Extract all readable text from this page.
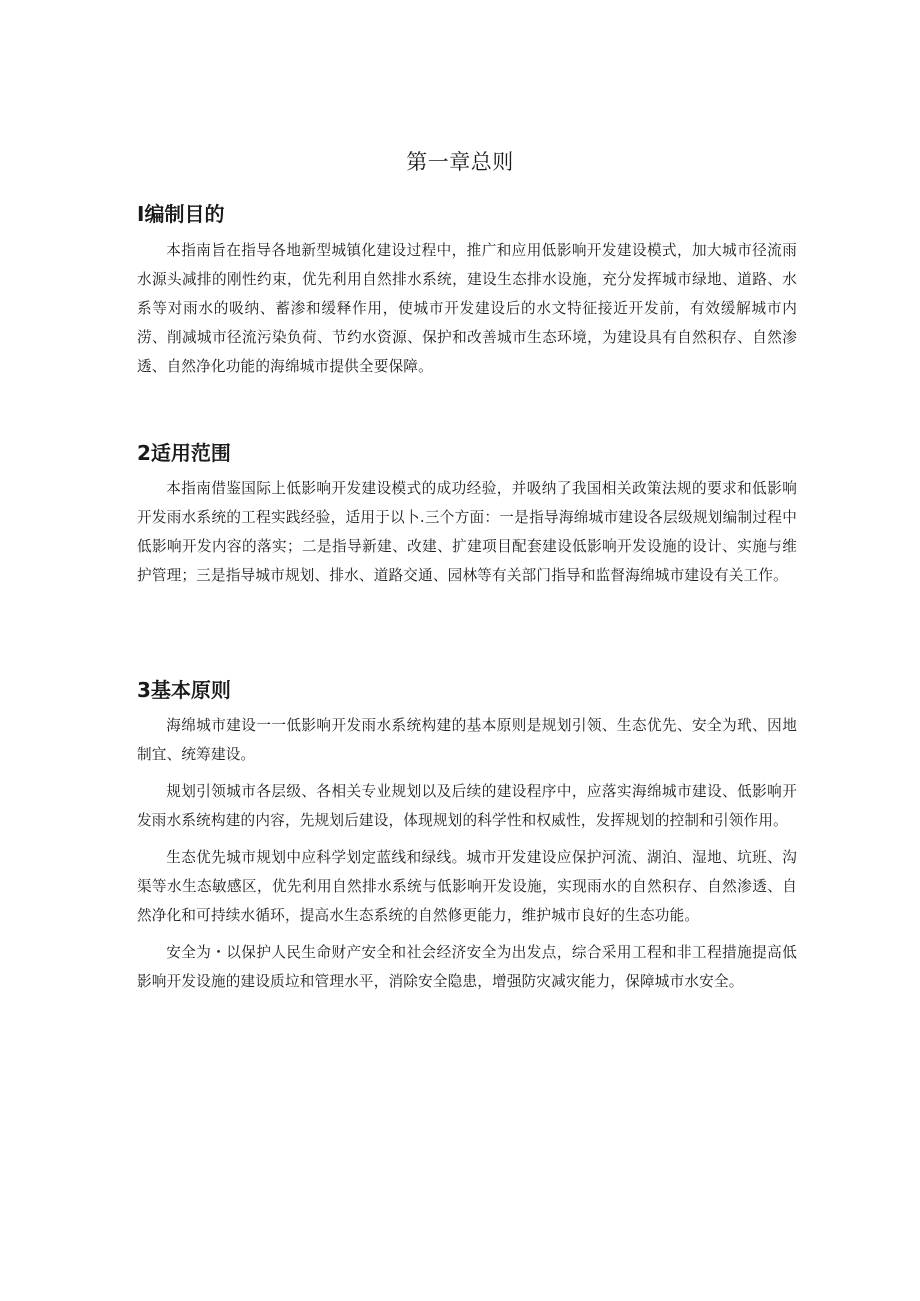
第一章总则
I编制目的

本指南旨在指导各地新型城镇化建设过程中，推广和应用低影响开发建设模式，加大城市径流雨水源头减排的刚性约束，优先利用自然排水系统，建设生态排水设施，充分发挥城市绿地、道路、水系等对雨水的吸纳、蓄渗和缓释作用，使城市开发建设后的水文特征接近开发前，有效缓解城市内涝、削减城市径流污染负荷、节约水资源、保护和改善城市生态环境，为建设具有自然积存、自然渗透、自然净化功能的海绵城市提供全要保障。

2适用范围

本指南借鉴国际上低影响开发建设模式的成功经验，并吸纳了我国相关政策法规的要求和低影响开发雨水系统的工程实践经验，适用于以卜.三个方面：一是指导海绵城市建设各层级规划编制过程中低影响开发内容的落实；二是指导新建、改建、扩建项目配套建设低影响开发设施的设计、实施与维护管理；三是指导城市规划、排水、道路交通、园林等有关部门指导和监督海绵城市建设有关工作。

3基本原则

海绵城市建设一一低影响开发雨水系统构建的基本原则是规划引领、生态优先、安全为玳、因地制宜、统筹建设。

规划引领城市各层级、各相关专业规划以及后续的建设程序中，应落实海绵城市建设、低影响开发雨水系统构建的内容，先规划后建设，体现规划的科学性和权威性，发挥规划的控制和引领作用。

生态优先城市规划中应科学划定蓝线和绿线。城市开发建设应保护河流、湖泊、湿地、坑班、沟渠等水生态敏感区，优先利用自然排水系统与低影响开发设施，实现雨水的自然积存、自然渗透、自然净化和可持续水循环，提高水生态系统的自然修更能力，维护城市良好的生态功能。

安全为・以保护人民生命财产安全和社会经济安全为出发点，综合采用工程和非工程措施提高低影响开发设施的建设质垃和管理水平，消除安全隐患，增强防灾减灾能力，保障城市水安全。
